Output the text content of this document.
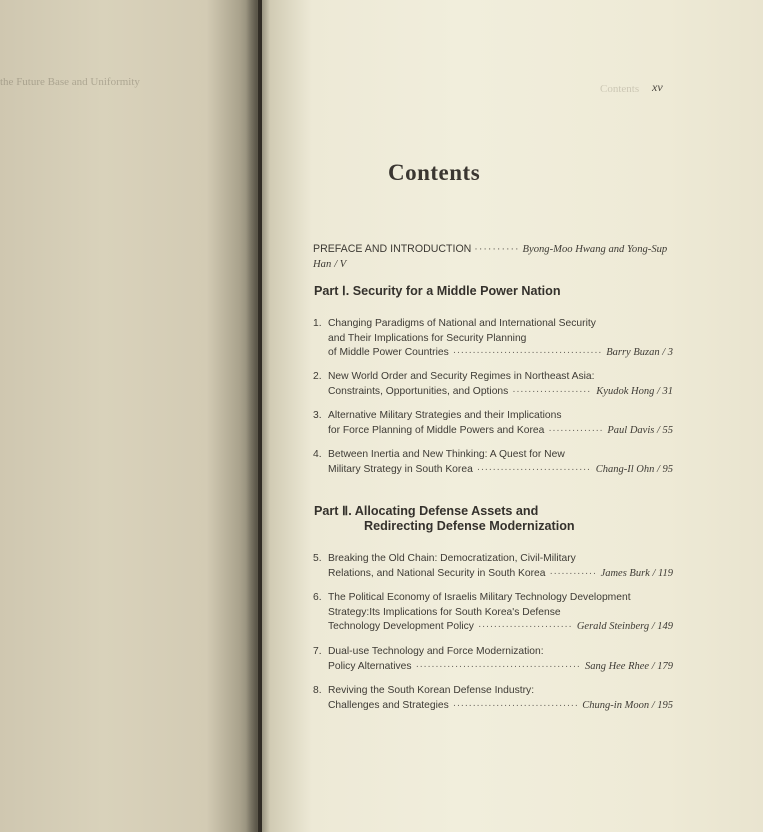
the Future Base and Uniformity
Contents xv
Contents
PREFACE AND INTRODUCTION ·········· Byong-Moo Hwang and Yong-Sup Han / V
Part Ⅰ. Security for a Middle Power Nation
Part Ⅱ. Allocating Defense Assets and
Redirecting Defense Modernization
1. Changing Paradigms of National and International Security
and Their Implications for Security Planning
of Middle Power Countries ·····	Barry Buzan / 3
2. New World Order and Security Regimes in Northeast Asia:
Constraints, Opportunities, and Options ·····	Kyudok Hong / 31
3. Alternative Military Strategies and their Implications
for Force Planning of Middle Powers and Korea ·····	Paul Davis / 55
4. Between Inertia and New Thinking: A Quest for New
Military Strategy in South Korea ·····	Chang-Il Ohn / 95
5. Breaking the Old Chain: Democratization, Civil-Military
Relations, and National Security in South Korea ·····	James Burk / 119
6. The Political Economy of Israelis Military Technology Development
Strategy:Its Implications for South Korea's Defense
Technology Development Policy ·····	Gerald Steinberg / 149
7. Dual-use Technology and Force Modernization:
Policy Alternatives ·····	Sang Hee Rhee / 179
8. Reviving the South Korean Defense Industry:
Challenges and Strategies ·····	Chung-in Moon / 195
